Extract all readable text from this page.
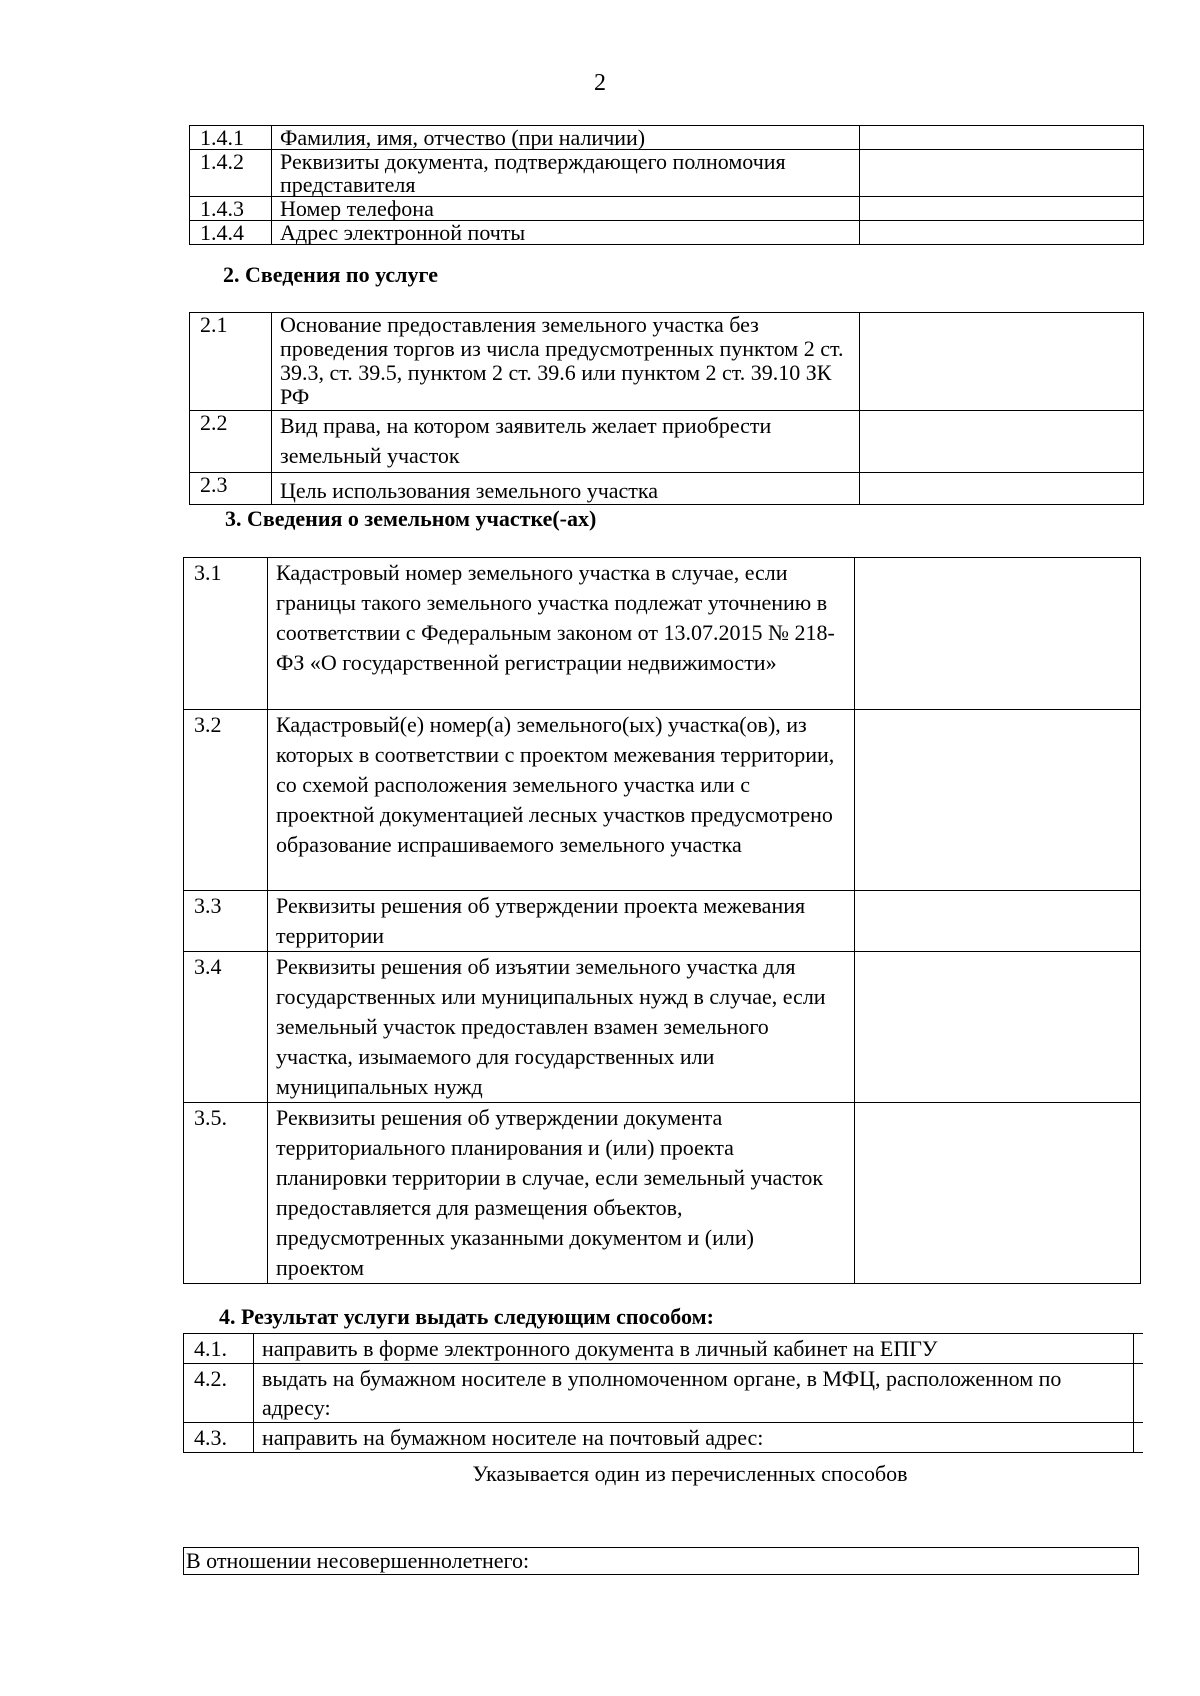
2
1.4.1	Фамилия, имя, отчество (при наличии)	
1.4.2	Реквизиты документа, подтверждающего полномочия представителя	
1.4.3	Номер телефона	
1.4.4	Адрес электронной почты	
2. Сведения по услуге
2.1	Основание предоставления земельного участка без проведения торгов из числа предусмотренных пунктом 2 ст. 39.3, ст. 39.5, пунктом 2 ст. 39.6 или пунктом 2 ст. 39.10 ЗК РФ	
2.2	Вид права, на котором заявитель желает приобрести земельный участок	
2.3	Цель использования земельного участка	
3. Сведения о земельном участке(-ах)
3.1	Кадастровый номер земельного участка в случае, если границы такого земельного участка подлежат уточнению в соответствии с Федеральным законом от 13.07.2015 № 218-ФЗ «О государственной регистрации недвижимости»	
3.2	Кадастровый(е) номер(а) земельного(ых) участка(ов), из которых в соответствии с проектом межевания территории, со схемой расположения земельного участка или с проектной документацией лесных участков предусмотрено образование испрашиваемого земельного участка	
3.3	Реквизиты решения об утверждении проекта межевания территории	
3.4	Реквизиты решения об изъятии земельного участка для государственных или муниципальных нужд в случае, если земельный участок предоставлен взамен земельного участка, изымаемого для государственных или муниципальных нужд	
3.5.	Реквизиты решения об утверждении документа территориального планирования и (или) проекта планировки территории в случае, если земельный участок предоставляется для размещения объектов, предусмотренных указанными документом и (или) проектом	
4. Результат услуги выдать следующим способом:
4.1.	направить в форме электронного документа в личный кабинет на ЕПГУ	
4.2.	выдать на бумажном носителе в уполномоченном органе, в МФЦ, расположенном по адресу:	
4.3.	направить на бумажном носителе на почтовый адрес:	
Указывается один из перечисленных способов
В отношении несовершеннолетнего:
